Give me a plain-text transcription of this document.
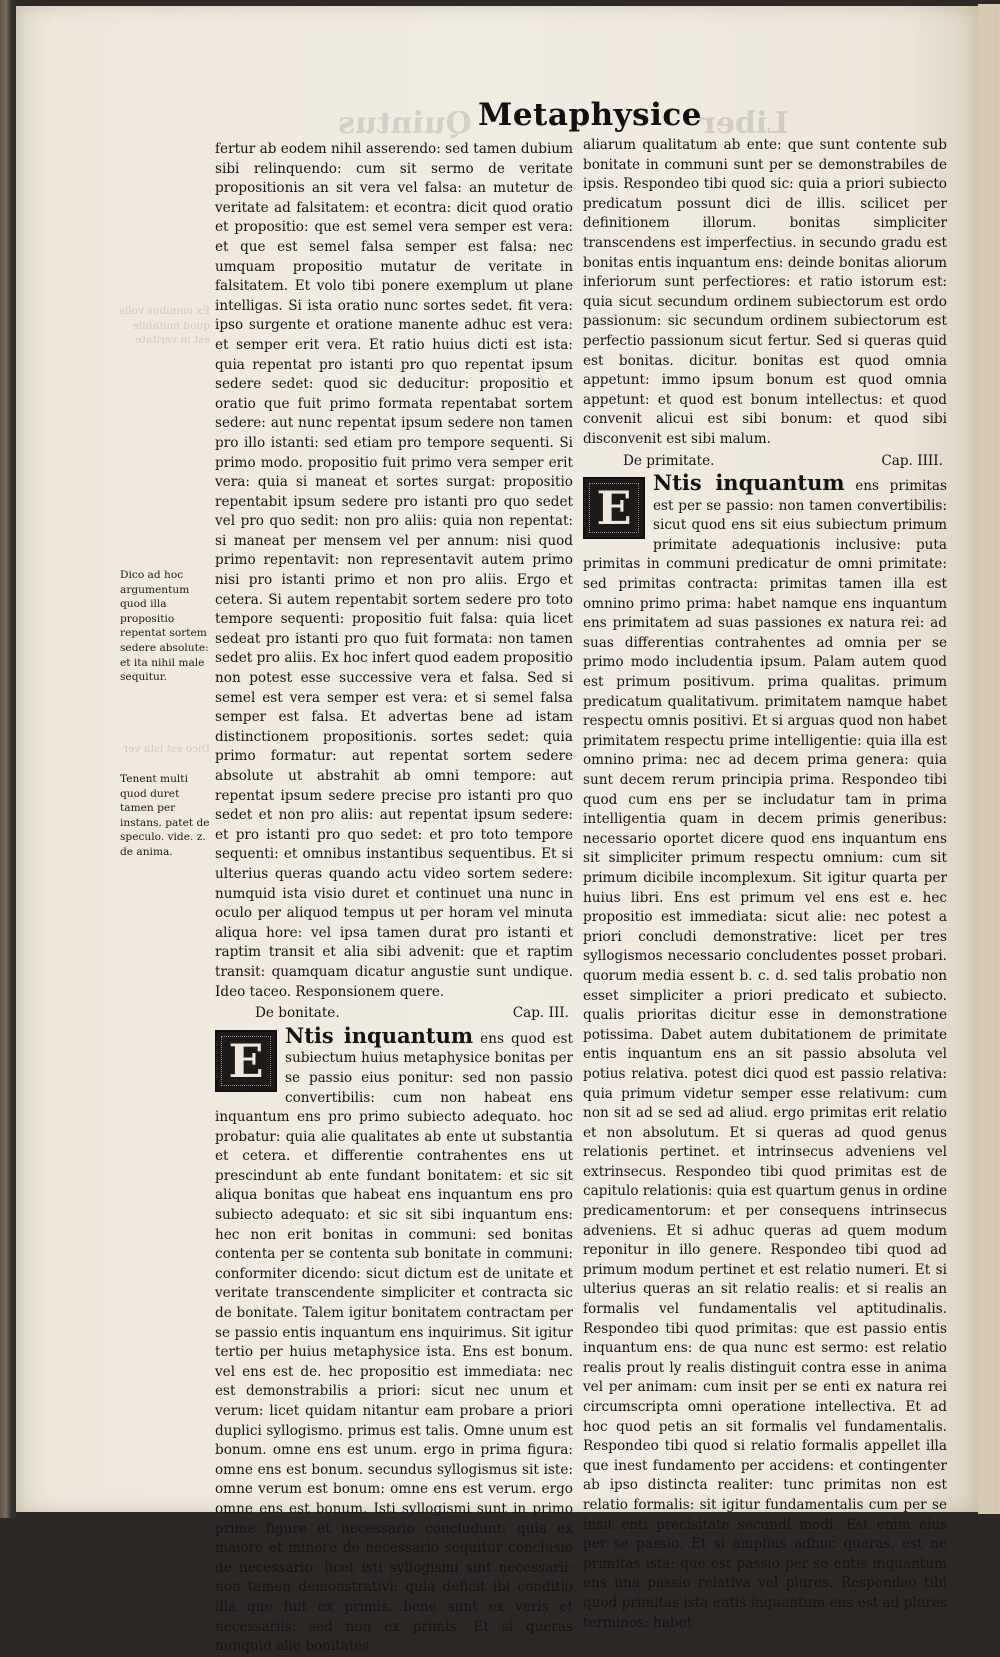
Quintus	Liber
Ex omnibus volis quod mutabile est in veritate
Dico est ista ver
Metaphysice

Dico ad hoc argumentum quod illa propositio repentat sortem sedere absolute: et ita nihil male sequitur.

Tenent multi quod duret tamen per instans. patet de speculo. vide. z. de anima.

fertur ab eodem nihil asserendo: sed tamen dubium sibi relinquendo: cum sit sermo de veritate propositionis an sit vera vel falsa: an mutetur de veritate ad falsitatem: et econtra: dicit quod oratio et propositio: que est semel vera semper est vera: et que est semel falsa semper est falsa: nec umquam propositio mutatur de veritate in falsitatem. Et volo tibi ponere exemplum ut plane intelligas. Si ista oratio nunc sortes sedet. fit vera: ipso surgente et oratione manente adhuc est vera: et semper erit vera. Et ratio huius dicti est ista: quia repentat pro istanti pro quo repentat ipsum sedere sedet: quod sic deducitur: propositio et oratio que fuit primo formata repentabat sortem sedere: aut nunc repentat ipsum sedere non tamen pro illo istanti: sed etiam pro tempore sequenti. Si primo modo. propositio fuit primo vera semper erit vera: quia si maneat et sortes surgat: propositio repentabit ipsum sedere pro istanti pro quo sedet vel pro quo sedit: non pro aliis: quia non repentat: si maneat per mensem vel per annum: nisi quod primo repentavit: non representavit autem primo nisi pro istanti primo et non pro aliis. Ergo et cetera. Si autem repentabit sortem sedere pro toto tempore sequenti: propositio fuit falsa: quia licet sedeat pro istanti pro quo fuit formata: non tamen sedet pro aliis. Ex hoc infert quod eadem propositio non potest esse successive vera et falsa. Sed si semel est vera semper est vera: et si semel falsa semper est falsa. Et advertas bene ad istam distinctionem propositionis. sortes sedet: quia primo formatur: aut repentat sortem sedere absolute ut abstrahit ab omni tempore: aut repentat ipsum sedere precise pro istanti pro quo sedet et non pro aliis: aut repentat ipsum sedere: et pro istanti pro quo sedet: et pro toto tempore sequenti: et omnibus instantibus sequentibus. Et si ulterius queras quando actu video sortem sedere: numquid ista visio duret et continuet una nunc in oculo per aliquod tempus ut per horam vel minuta aliqua hore: vel ipsa tamen durat pro istanti et raptim transit et alia sibi advenit: que et raptim transit: quamquam dicatur angustie sunt undique. Ideo taceo. Responsionem quere.

De bonitate.	Cap. III.

E	Ntis inquantum ens quod est subiectum huius metaphysice bonitas per se passio eius ponitur: sed non passio convertibilis: cum non habeat ens inquantum ens pro primo subiecto adequato. hoc probatur: quia alie qualitates ab ente ut substantia et cetera. et differentie contrahentes ens ut prescindunt ab ente fundant bonitatem: et sic sit aliqua bonitas que habeat ens inquantum ens pro subiecto adequato: et sic sit sibi inquantum ens: hec non erit bonitas in communi: sed bonitas contenta per se contenta sub bonitate in communi: conformiter dicendo: sicut dictum est de unitate et veritate transcendente simpliciter et contracta sic de bonitate. Talem igitur bonitatem contractam per se passio entis inquantum ens inquirimus. Sit igitur tertio per huius metaphysice ista. Ens est bonum. vel ens est de. hec propositio est immediata: nec est demonstrabilis a priori: sicut nec unum et verum: licet quidam nitantur eam probare a priori duplici syllogismo. primus est talis. Omne unum est bonum. omne ens est unum. ergo in prima figura: omne ens est bonum. secundus syllogismus sit iste: omne verum est bonum: omne ens est verum. ergo omne ens est bonum. Isti syllogismi sunt in primo prime figure et necessario concludunt: quia ex maiore et minore de necessario sequitur conclusio de necessario: licet isti syllogismi sint necessarii: non tamen demonstrativi: quia deficit ibi conditio illa que fuit ex primis. bene sunt ex veris et necessariis: sed non ex primis. Et si queras nunquid alie bonitates

aliarum qualitatum ab ente: que sunt contente sub bonitate in communi sunt per se demonstrabiles de ipsis. Respondeo tibi quod sic: quia a priori subiecto predicatum possunt dici de illis. scilicet per definitionem illorum. bonitas simpliciter transcendens est imperfectius. in secundo gradu est bonitas entis inquantum ens: deinde bonitas aliorum inferiorum sunt perfectiores: et ratio istorum est: quia sicut secundum ordinem subiectorum est ordo passionum: sic secundum ordinem subiectorum est perfectio passionum sicut fertur. Sed si queras quid est bonitas. dicitur. bonitas est quod omnia appetunt: immo ipsum bonum est quod omnia appetunt: et quod est bonum intellectus: et quod convenit alicui est sibi bonum: et quod sibi disconvenit est sibi malum.

De primitate.	Cap. IIII.

E	Ntis inquantum ens primitas est per se passio: non tamen convertibilis: sicut quod ens sit eius subiectum primum primitate adequationis inclusive: puta primitas in communi predicatur de omni primitate: sed primitas contracta: primitas tamen illa est omnino primo prima: habet namque ens inquantum ens primitatem ad suas passiones ex natura rei: ad suas differentias contrahentes ad omnia per se primo modo includentia ipsum. Palam autem quod est primum positivum. prima qualitas. primum predicatum qualitativum. primitatem namque habet respectu omnis positivi. Et si arguas quod non habet primitatem respectu prime intelligentie: quia illa est omnino prima: nec ad decem prima genera: quia sunt decem rerum principia prima. Respondeo tibi quod cum ens per se includatur tam in prima intelligentia quam in decem primis generibus: necessario oportet dicere quod ens inquantum ens sit simpliciter primum respectu omnium: cum sit primum dicibile incomplexum. Sit igitur quarta per huius libri. Ens est primum vel ens est e. hec propositio est immediata: sicut alie: nec potest a priori concludi demonstrative: licet per tres syllogismos necessario concludentes posset probari. quorum media essent b. c. d. sed talis probatio non esset simpliciter a priori predicato et subiecto. qualis prioritas dicitur esse in demonstratione potissima. Dabet autem dubitationem de primitate entis inquantum ens an sit passio absoluta vel potius relativa. potest dici quod est passio relativa: quia primum videtur semper esse relativum: cum non sit ad se sed ad aliud. ergo primitas erit relatio et non absolutum. Et si queras ad quod genus relationis pertinet. et intrinsecus adveniens vel extrinsecus. Respondeo tibi quod primitas est de capitulo relationis: quia est quartum genus in ordine predicamentorum: et per consequens intrinsecus adveniens. Et si adhuc queras ad quem modum reponitur in illo genere. Respondeo tibi quod ad primum modum pertinet et est relatio numeri. Et si ulterius queras an sit relatio realis: et si realis an formalis vel fundamentalis vel aptitudinalis. Respondeo tibi quod primitas: que est passio entis inquantum ens: de qua nunc est sermo: est relatio realis prout ly realis distinguit contra esse in anima vel per animam: cum insit per se enti ex natura rei circumscripta omni operatione intellectiva. Et ad hoc quod petis an sit formalis vel fundamentalis. Respondeo tibi quod si relatio formalis appellet illa que inest fundamento per accidens: et contingenter ab ipso distincta realiter: tunc primitas non est relatio formalis: sit igitur fundamentalis cum per se insit enti precisitate secundi modi. Est enim eius per se passio. Et si amplius adhuc queras. est ne primitas ista: que est passio per se entis inquantum ens una passio relativa vel plures. Respondeo tibi quod primitas ista entis inquantum ens est ad plures terminos: habet
